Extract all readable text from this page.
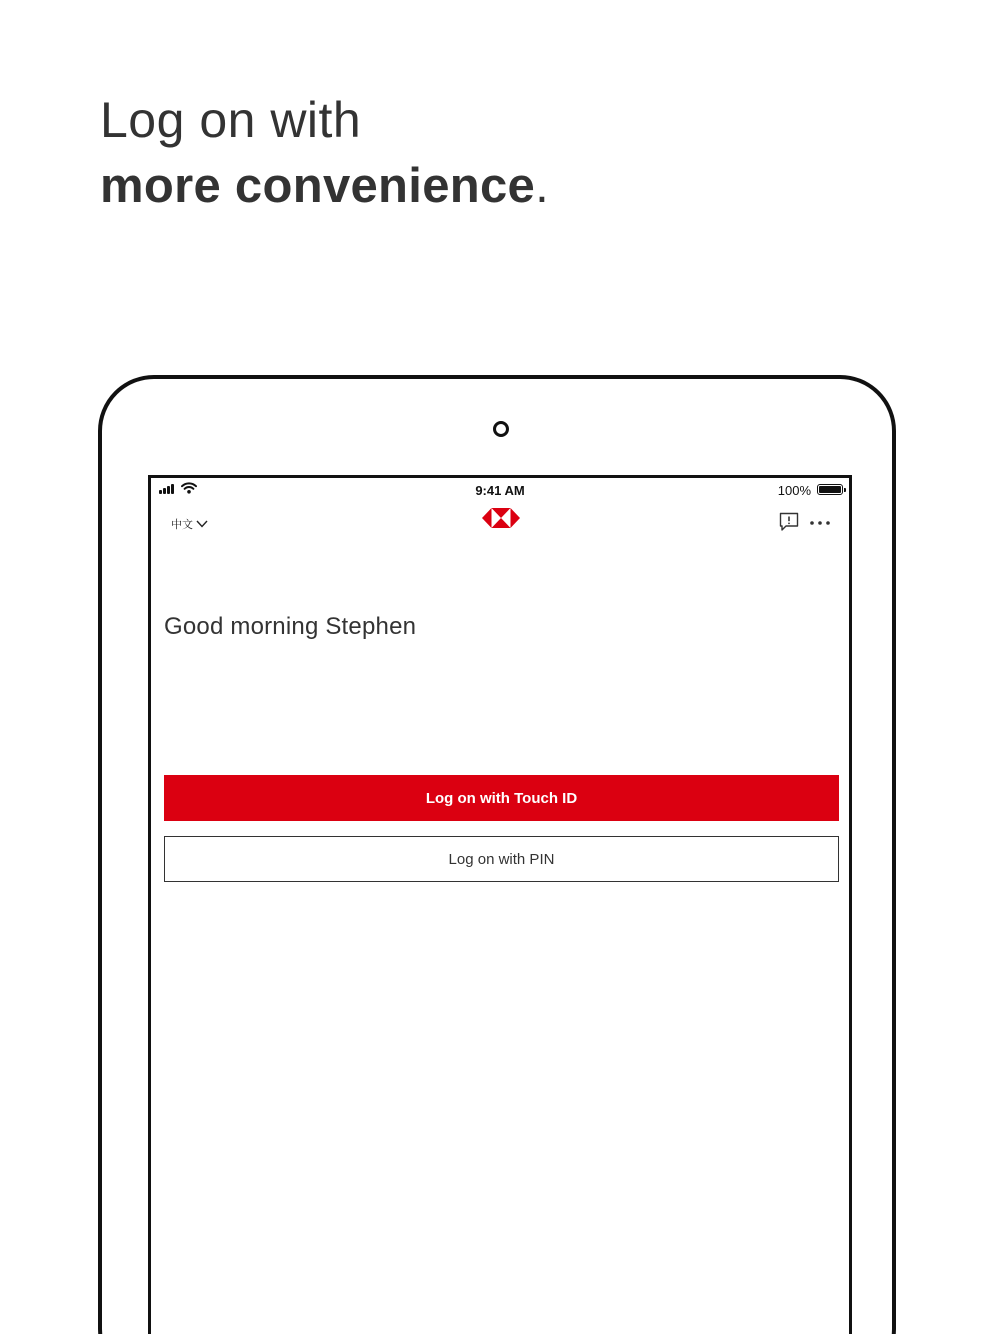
Log on with
more convenience.
9:41 AM	100%
中文
Good morning Stephen
Log on with Touch ID
Log on with PIN
